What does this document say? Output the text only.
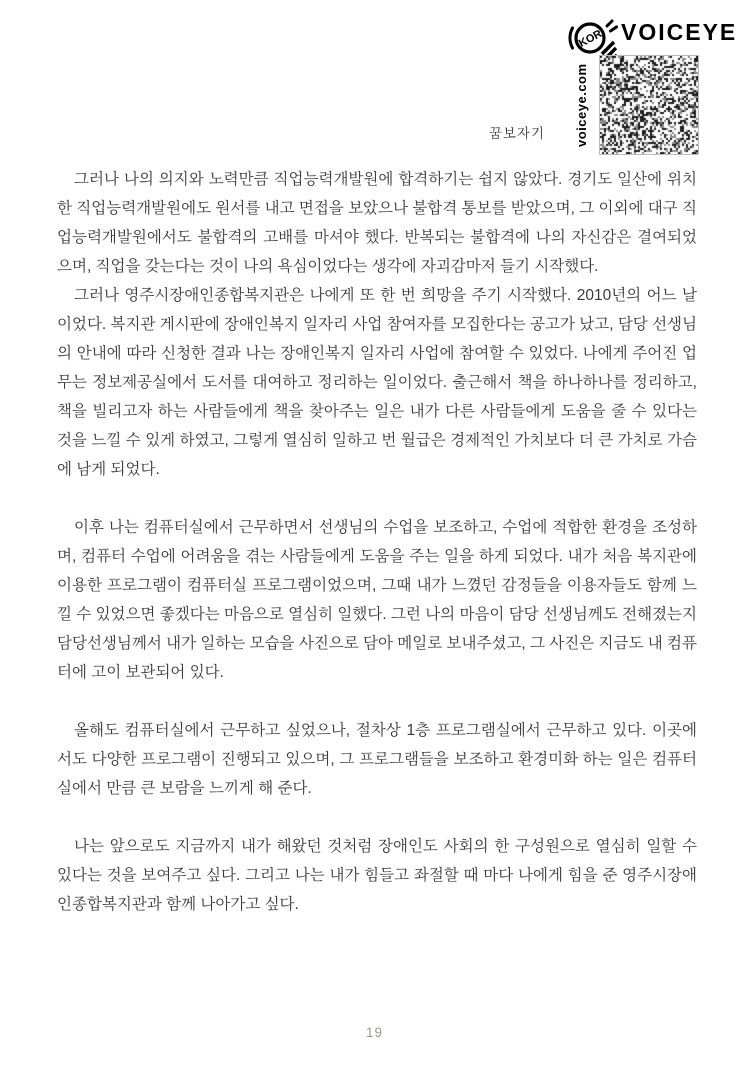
KOR VOICEYE
voiceye.com
꿈보자기

그러나 나의 의지와 노력만큼 직업능력개발원에 합격하기는 쉽지 않았다. 경기도 일산에 위치한 직업능력개발원에도 원서를 내고 면접을 보았으나 불합격 통보를 받았으며, 그 이외에 대구 직업능력개발원에서도 불합격의 고배를 마셔야 했다. 반복되는 불합격에 나의 자신감은 결여되었으며, 직업을 갖는다는 것이 나의 욕심이었다는 생각에 자괴감마저 들기 시작했다.

그러나 영주시장애인종합복지관은 나에게 또 한 번 희망을 주기 시작했다. 2010년의 어느 날이었다. 복지관 게시판에 장애인복지 일자리 사업 참여자를 모집한다는 공고가 났고, 담당 선생님의 안내에 따라 신청한 결과 나는 장애인복지 일자리 사업에 참여할 수 있었다. 나에게 주어진 업무는 정보제공실에서 도서를 대여하고 정리하는 일이었다. 출근해서 책을 하나하나를 정리하고, 책을 빌리고자 하는 사람들에게 책을 찾아주는 일은 내가 다른 사람들에게 도움을 줄 수 있다는 것을 느낄 수 있게 하였고, 그렇게 열심히 일하고 번 월급은 경제적인 가치보다 더 큰 가치로 가슴에 남게 되었다.

이후 나는 컴퓨터실에서 근무하면서 선생님의 수업을 보조하고, 수업에 적합한 환경을 조성하며, 컴퓨터 수업에 어려움을 겪는 사람들에게 도움을 주는 일을 하게 되었다. 내가 처음 복지관에 이용한 프로그램이 컴퓨터실 프로그램이었으며, 그때 내가 느꼈던 감정들을 이용자들도 함께 느낄 수 있었으면 좋겠다는 마음으로 열심히 일했다. 그런 나의 마음이 담당 선생님께도 전해졌는지 담당선생님께서 내가 일하는 모습을 사진으로 담아 메일로 보내주셨고, 그 사진은 지금도 내 컴퓨터에 고이 보관되어 있다.

올해도 컴퓨터실에서 근무하고 싶었으나, 절차상 1층 프로그램실에서 근무하고 있다. 이곳에서도 다양한 프로그램이 진행되고 있으며, 그 프로그램들을 보조하고 환경미화 하는 일은 컴퓨터실에서 만큼 큰 보람을 느끼게 해 준다.

나는 앞으로도 지금까지 내가 해왔던 것처럼 장애인도 사회의 한 구성원으로 열심히 일할 수 있다는 것을 보여주고 싶다. 그리고 나는 내가 힘들고 좌절할 때 마다 나에게 힘을 준 영주시장애인종합복지관과 함께 나아가고 싶다.

19
